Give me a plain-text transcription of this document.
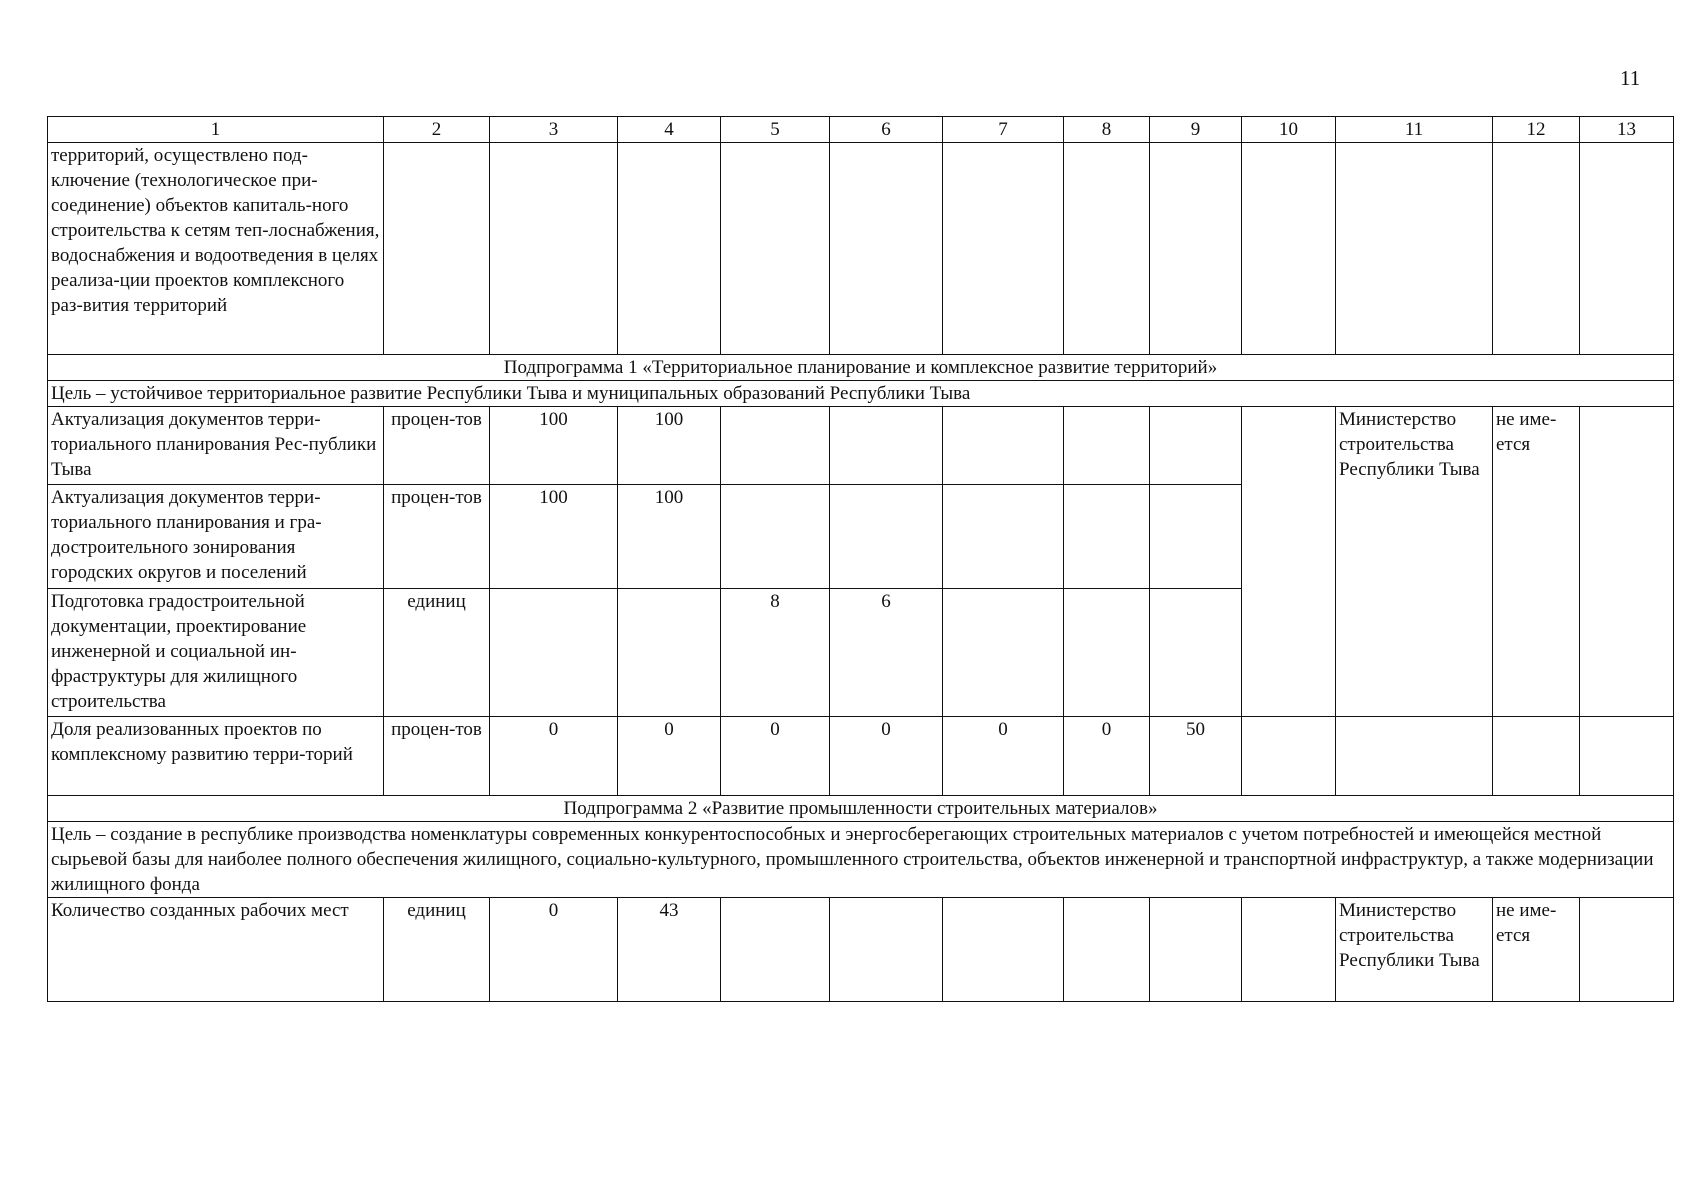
11
1	2	3	4	5	6	7	8	9	10	11	12	13
территорий, осуществлено под-ключение (технологическое при-соединение) объектов капиталь-ного строительства к сетям теп-лоснабжения, водоснабжения и водоотведения в целях реализа-ции проектов комплексного раз-вития территорий												
Подпрограмма 1 «Территориальное планирование и комплексное развитие территорий»												
Цель – устойчивое территориальное развитие Республики Тыва и муниципальных образований Республики Тыва												
Актуализация документов терри-ториального планирования Рес-публики Тыва	процен-тов	100	100							Министерство строительства Республики Тыва	не име-ется	
Актуализация документов терри-ториального планирования и гра-достроительного зонирования городских округов и поселений	процен-тов	100	100									
Подготовка градостроительной документации, проектирование инженерной и социальной ин-фраструктуры для жилищного строительства	единиц			8	6							
Доля реализованных проектов по комплексному развитию терри-торий	процен-тов	0	0	0	0	0	0	50				
Подпрограмма 2 «Развитие промышленности строительных материалов»												
Цель – создание в республике производства номенклатуры современных конкурентоспособных и энергосберегающих строительных материалов с учетом потребностей и имеющейся местной сырьевой базы для наиболее полного обеспечения жилищного, социально-культурного, промышленного строительства, объектов инженерной и транспортной инфраструктур, а также модернизации жилищного фонда												
Количество созданных рабочих мест	единиц	0	43							Министерство строительства Республики Тыва	не име-ется	
